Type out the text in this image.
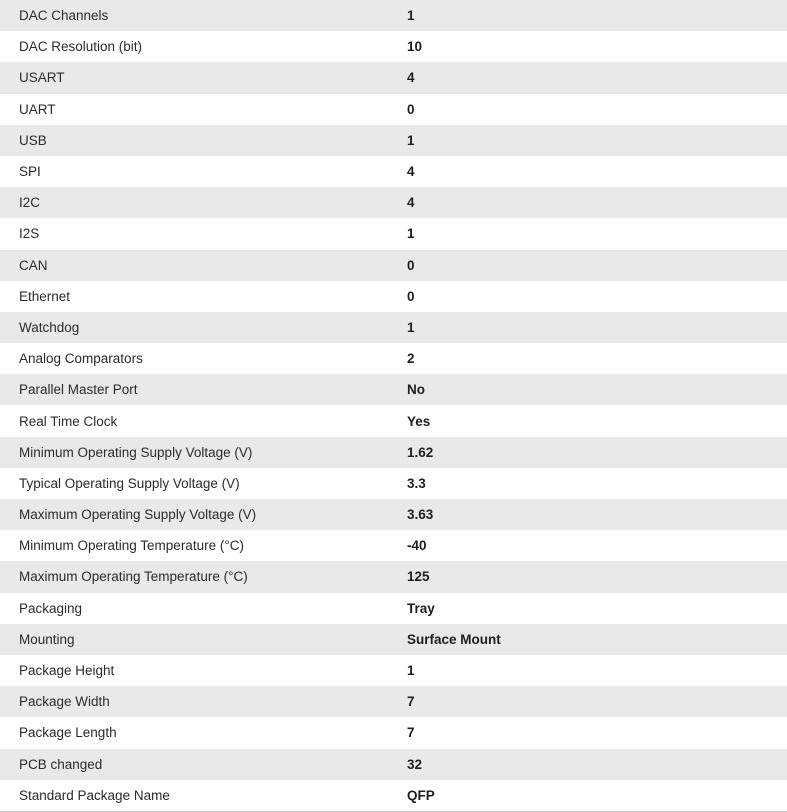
DAC Channels	1
DAC Resolution (bit)	10
USART	4
UART	0
USB	1
SPI	4
I2C	4
I2S	1
CAN	0
Ethernet	0
Watchdog	1
Analog Comparators	2
Parallel Master Port	No
Real Time Clock	Yes
Minimum Operating Supply Voltage (V)	1.62
Typical Operating Supply Voltage (V)	3.3
Maximum Operating Supply Voltage (V)	3.63
Minimum Operating Temperature (°C)	-40
Maximum Operating Temperature (°C)	125
Packaging	Tray
Mounting	Surface Mount
Package Height	1
Package Width	7
Package Length	7
PCB changed	32
Standard Package Name	QFP
